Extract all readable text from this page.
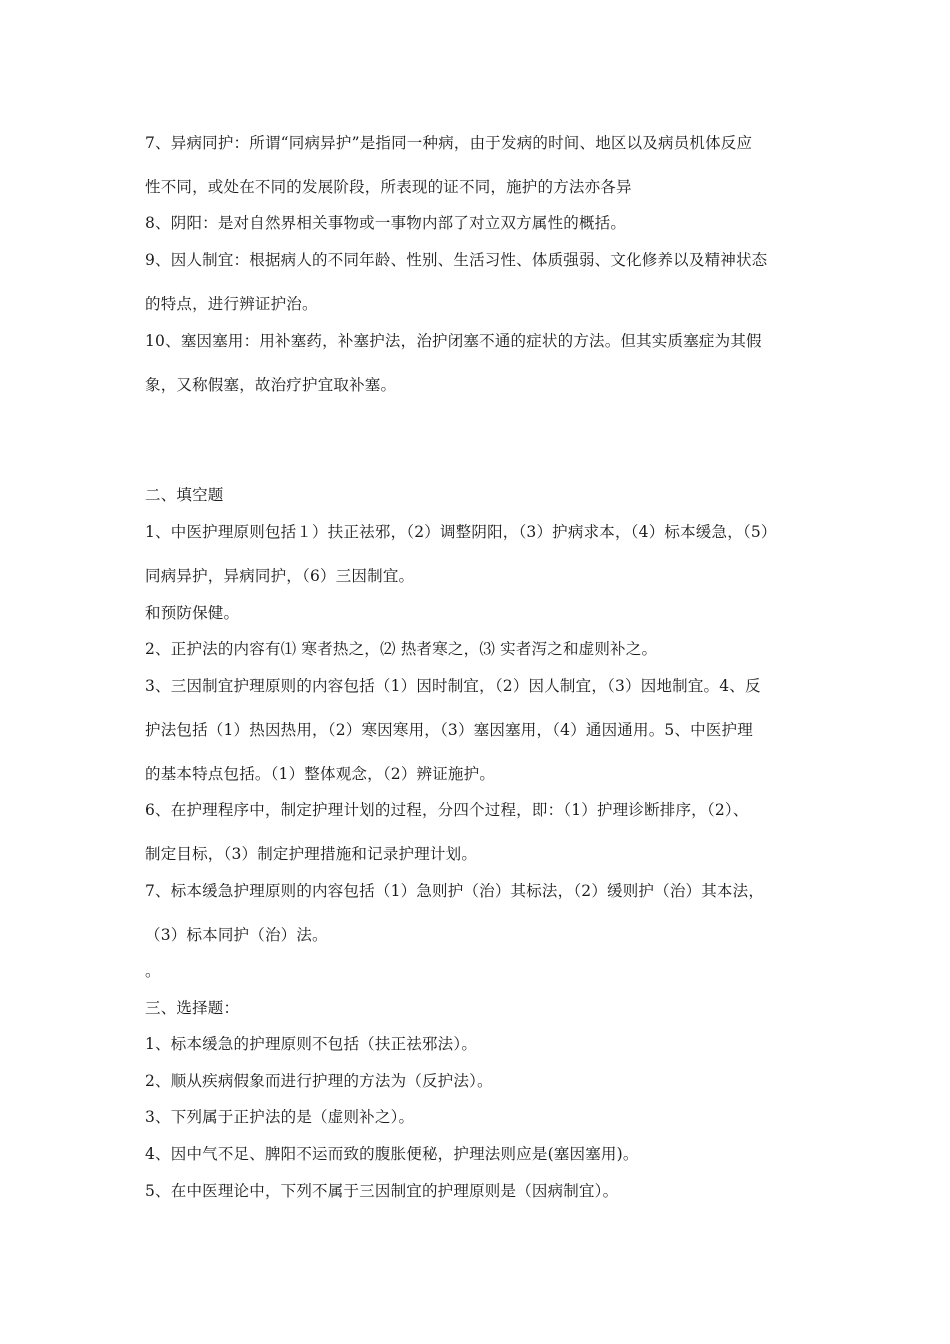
7、异病同护：所谓“同病异护”是指同一种病，由于发病的时间、地区以及病员机体反应
性不同，或处在不同的发展阶段，所表现的证不同，施护的方法亦各异
8、阴阳：是对自然界相关事物或一事物内部了对立双方属性的概括。
9、因人制宜：根据病人的不同年龄、性别、生活习性、体质强弱、文化修养以及精神状态
的特点，进行辨证护治。
10、塞因塞用：用补塞药，补塞护法，治护闭塞不通的症状的方法。但其实质塞症为其假
象，又称假塞，故治疗护宜取补塞。
二、填空题
1、中医护理原则包括１）扶正祛邪，（2）调整阴阳，（3）护病求本，（4）标本缓急，（5）
同病异护，异病同护，（6）三因制宜。
和预防保健。
2、正护法的内容有⑴ 寒者热之，⑵ 热者寒之，⑶ 实者泻之和虚则补之。
3、三因制宜护理原则的内容包括（1）因时制宜，（2）因人制宜，（3）因地制宜。4、反
护法包括（1）热因热用，（2）寒因寒用，（3）塞因塞用，（4）通因通用。5、中医护理
的基本特点包括。（1）整体观念，（2）辨证施护。
6、在护理程序中，制定护理计划的过程，分四个过程，即：（1）护理诊断排序，（2）、
制定目标，（3）制定护理措施和记录护理计划。
7、标本缓急护理原则的内容包括（1）急则护（治）其标法，（2）缓则护（治）其本法，
（3）标本同护（治）法。
。
三、选择题：
1、标本缓急的护理原则不包括（扶正祛邪法）。
2、顺从疾病假象而进行护理的方法为（反护法）。
3、下列属于正护法的是（虚则补之）。
4、因中气不足、脾阳不运而致的腹胀便秘，护理法则应是(塞因塞用)。
5、在中医理论中，下列不属于三因制宜的护理原则是（因病制宜）。
